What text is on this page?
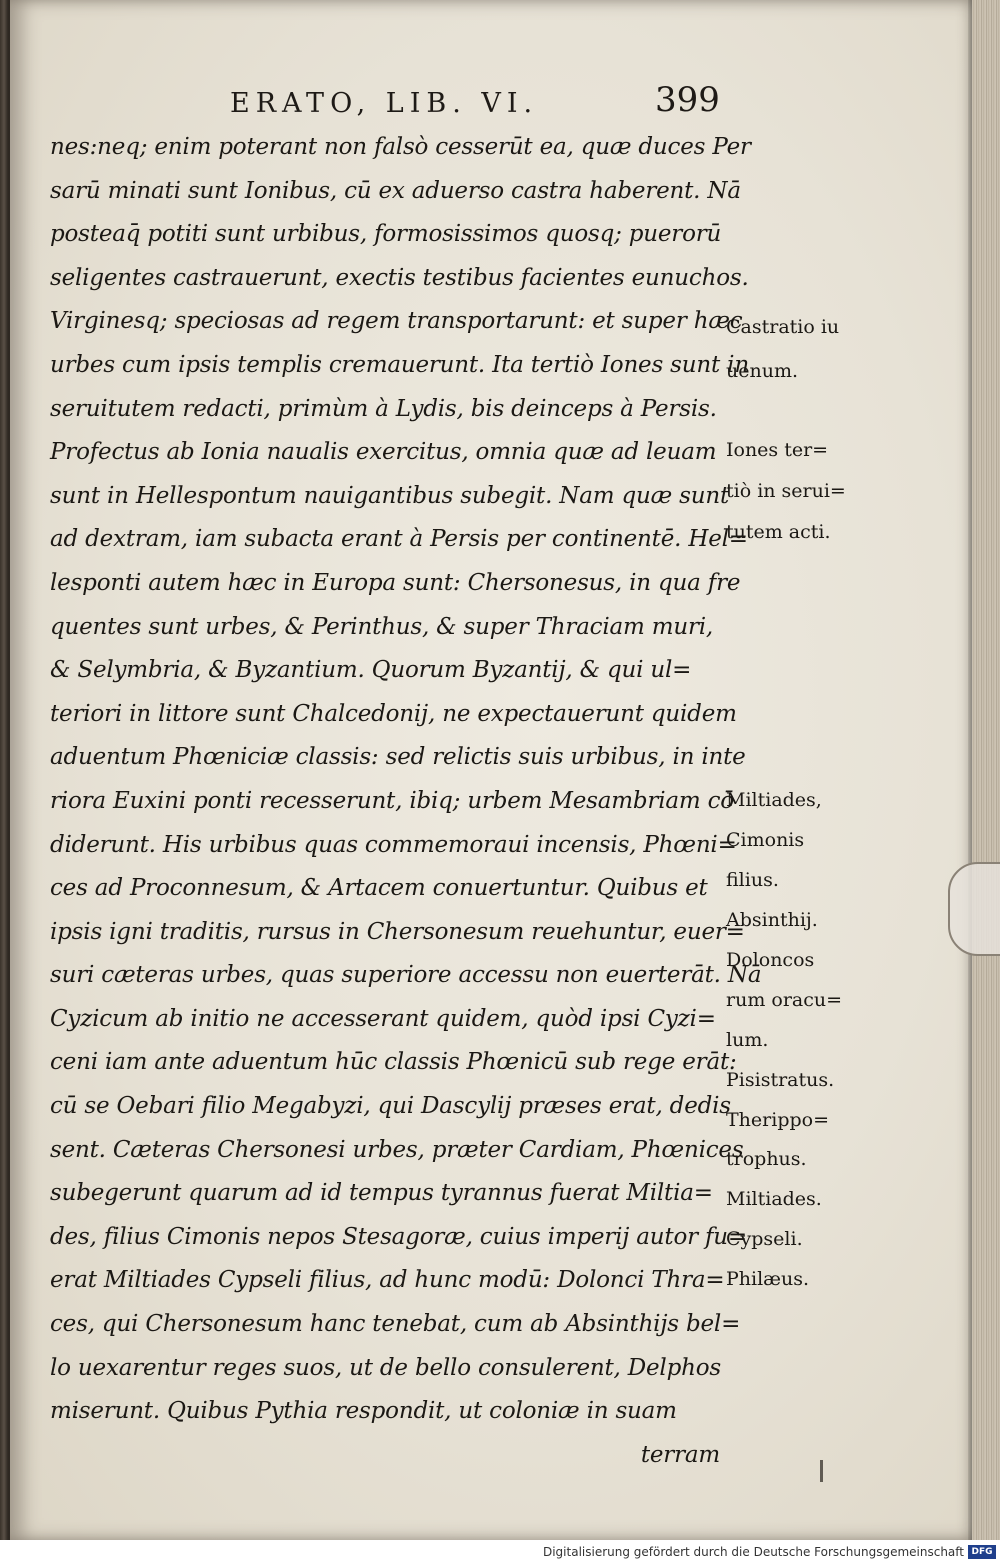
ERATO, LIB. VI.	399
nes:neq; enim poterant non falsò cesserūt ea, quæ duces Per
sarū minati sunt Ionibus, cū ex aduerso castra haberent. Nā
posteaq̄ potiti sunt urbibus, formosissimos quosq; puerorū
seligentes castrauerunt, exectis testibus facientes eunuchos.
Virginesq; speciosas ad regem transportarunt: et super hæc
urbes cum ipsis templis cremauerunt. Ita tertiò Iones sunt in
seruitutem redacti, primùm à Lydis, bis deinceps à Persis.
Profectus ab Ionia naualis exercitus, omnia quæ ad leuam
sunt in Hellespontum nauigantibus subegit. Nam quæ sunt
ad dextram, iam subacta erant à Persis per continentē. Hel=
lesponti autem hæc in Europa sunt: Chersonesus, in qua fre
quentes sunt urbes, & Perinthus, & super Thraciam muri,
& Selymbria, & Byzantium. Quorum Byzantij, & qui ul=
teriori in littore sunt Chalcedonij, ne expectauerunt quidem
aduentum Phœniciæ classis: sed relictis suis urbibus, in inte
riora Euxini ponti recesserunt, ibiq; urbem Mesambriam cō
diderunt. His urbibus quas commemoraui incensis, Phœni=
ces ad Proconnesum, & Artacem conuertuntur. Quibus et
ipsis igni traditis, rursus in Chersonesum reuehuntur, euer=
suri cæteras urbes, quas superiore accessu non euerterāt. Nā
Cyzicum ab initio ne accesserant quidem, quòd ipsi Cyzi=
ceni iam ante aduentum hūc classis Phœnicū sub rege erāt:
cū se Oebari filio Megabyzi, qui Dascylij præses erat, dedis
sent. Cæteras Chersonesi urbes, præter Cardiam, Phœnices
subegerunt quarum ad id tempus tyrannus fuerat Miltia=
des, filius Cimonis nepos Stesagoræ, cuius imperij autor fu=
erat Miltiades Cypseli filius, ad hunc modū: Dolonci Thra=
ces, qui Chersonesum hanc tenebat, cum ab Absinthijs bel=
lo uexarentur reges suos, ut de bello consulerent, Delphos
miserunt. Quibus Pythia respondit, ut coloniæ in suam
terram
Castratio iu
uenum.
Iones ter=
tiò in serui=
tutem acti.
Miltiades,
Cimonis
filius.
Absinthij.
Doloncos
rum oracu=
lum.
Pisistratus.
Therippo=
trophus.
Miltiades.
Cypseli.
Philæus.
Digitalisierung gefördert durch die Deutsche Forschungsgemeinschaft DFG
